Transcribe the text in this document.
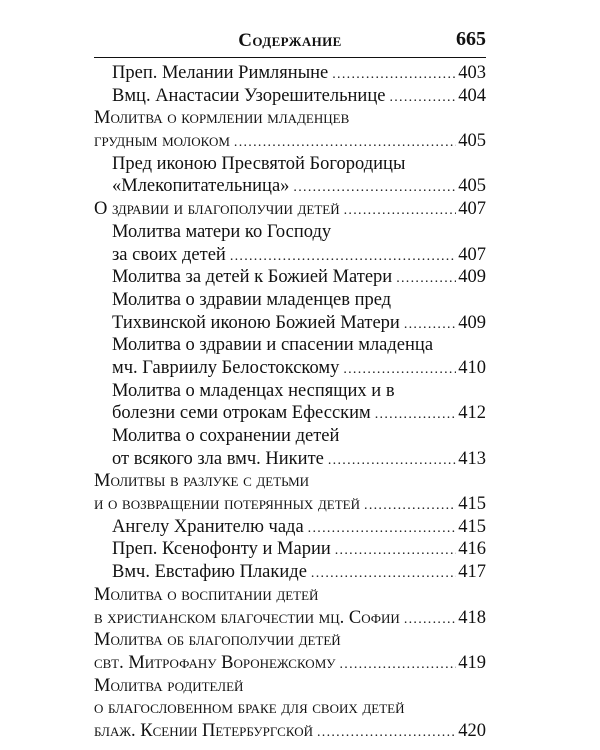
Содержание	665
Преп. Мелании Римляныне .....	403
Вмц. Анастасии Узорешительнице .....	404
Молитва о кормлении младенцев
грудным молоком .....	405
Пред иконою Пресвятой Богородицы
«Млекопитательница» .....	405
О здравии и благополучии детей .....	407
Молитва матери ко Господу
за своих детей .....	407
Молитва за детей к Божией Матери .....	409
Молитва о здравии младенцев пред
Тихвинской иконою Божией Матери .....	409
Молитва о здравии и спасении младенца
мч. Гавриилу Белостокскому .....	410
Молитва о младенцах неспящих и в
болезни семи отрокам Ефесским .....	412
Молитва о сохранении детей
от всякого зла вмч. Никите .....	413
Молитвы в разлуке с детьми
и о возвращении потерянных детей .....	415
Ангелу Хранителю чада .....	415
Преп. Ксенофонту и Марии .....	416
Вмч. Евстафию Плакиде .....	417
Молитва о воспитании детей
в христианском благочестии мц. Софии .....	418
Молитва об благополучии детей
свт. Митрофану Воронежскому .....	419
Молитва родителей
о благословенном браке для своих детей
блаж. Ксении Петербургской .....	420
